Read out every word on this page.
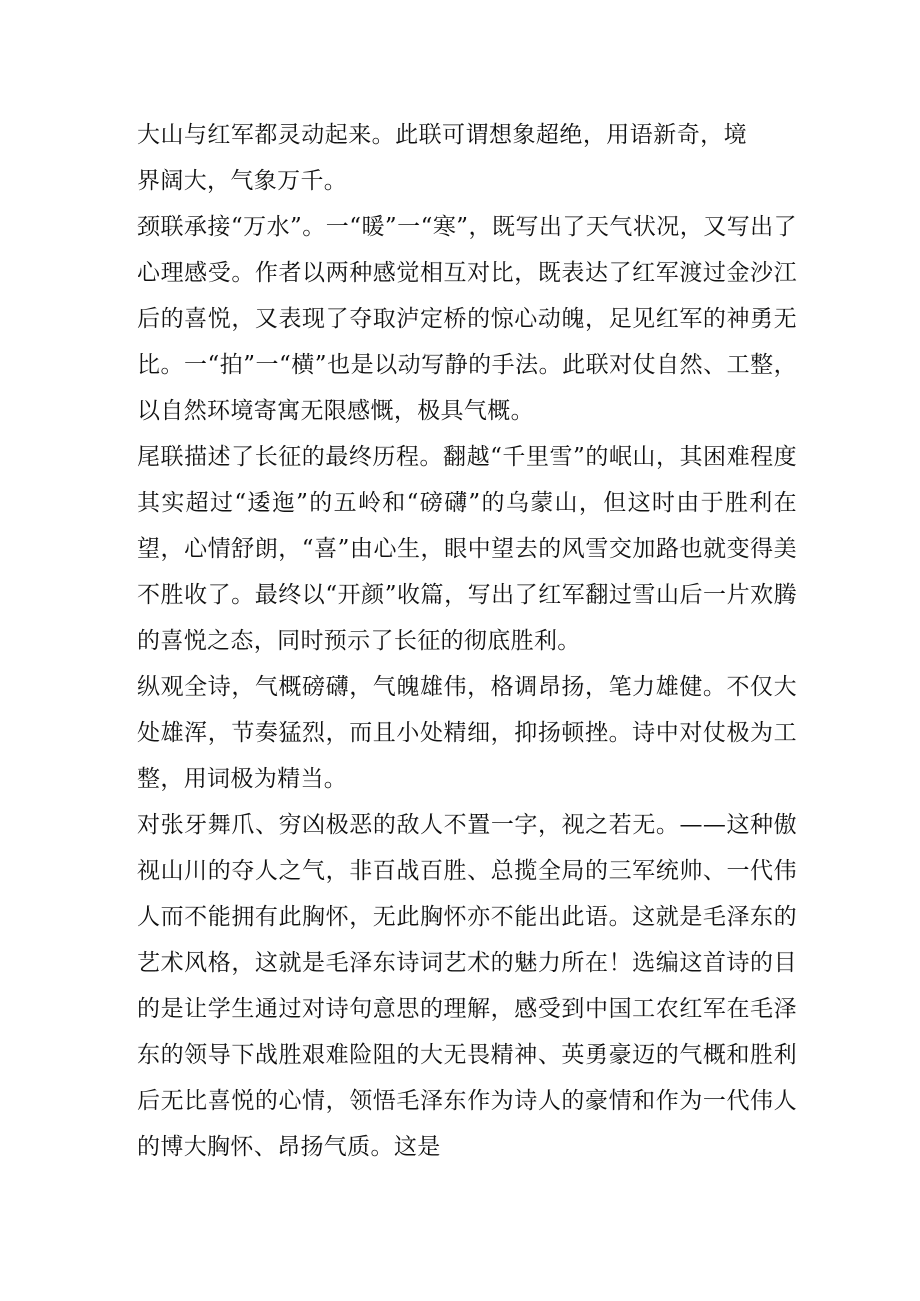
大山与红军都灵动起来。此联可谓想象超绝，用语新奇，境界阔大，气象万千。

颈联承接“万水”。一“暖”一“寒”，既写出了天气状况，又写出了心理感受。作者以两种感觉相互对比，既表达了红军渡过金沙江后的喜悦，又表现了夺取泸定桥的惊心动魄，足见红军的神勇无比。一“拍”一“横”也是以动写静的手法。此联对仗自然、工整，以自然环境寄寓无限感慨，极具气概。

尾联描述了长征的最终历程。翻越“千里雪”的岷山，其困难程度其实超过“逶迤”的五岭和“磅礴”的乌蒙山，但这时由于胜利在望，心情舒朗，“喜”由心生，眼中望去的风雪交加路也就变得美不胜收了。最终以“开颜”收篇，写出了红军翻过雪山后一片欢腾的喜悦之态，同时预示了长征的彻底胜利。

纵观全诗，气概磅礴，气魄雄伟，格调昂扬，笔力雄健。不仅大处雄浑，节奏猛烈，而且小处精细，抑扬顿挫。诗中对仗极为工整，用词极为精当。

对张牙舞爪、穷凶极恶的敌人不置一字，视之若无。——这种傲视山川的夺人之气，非百战百胜、总揽全局的三军统帅、一代伟人而不能拥有此胸怀，无此胸怀亦不能出此语。这就是毛泽东的艺术风格，这就是毛泽东诗词艺术的魅力所在！选编这首诗的目的是让学生通过对诗句意思的理解，感受到中国工农红军在毛泽东的领导下战胜艰难险阻的大无畏精神、英勇豪迈的气概和胜利后无比喜悦的心情，领悟毛泽东作为诗人的豪情和作为一代伟人的博大胸怀、昂扬气质。这是
